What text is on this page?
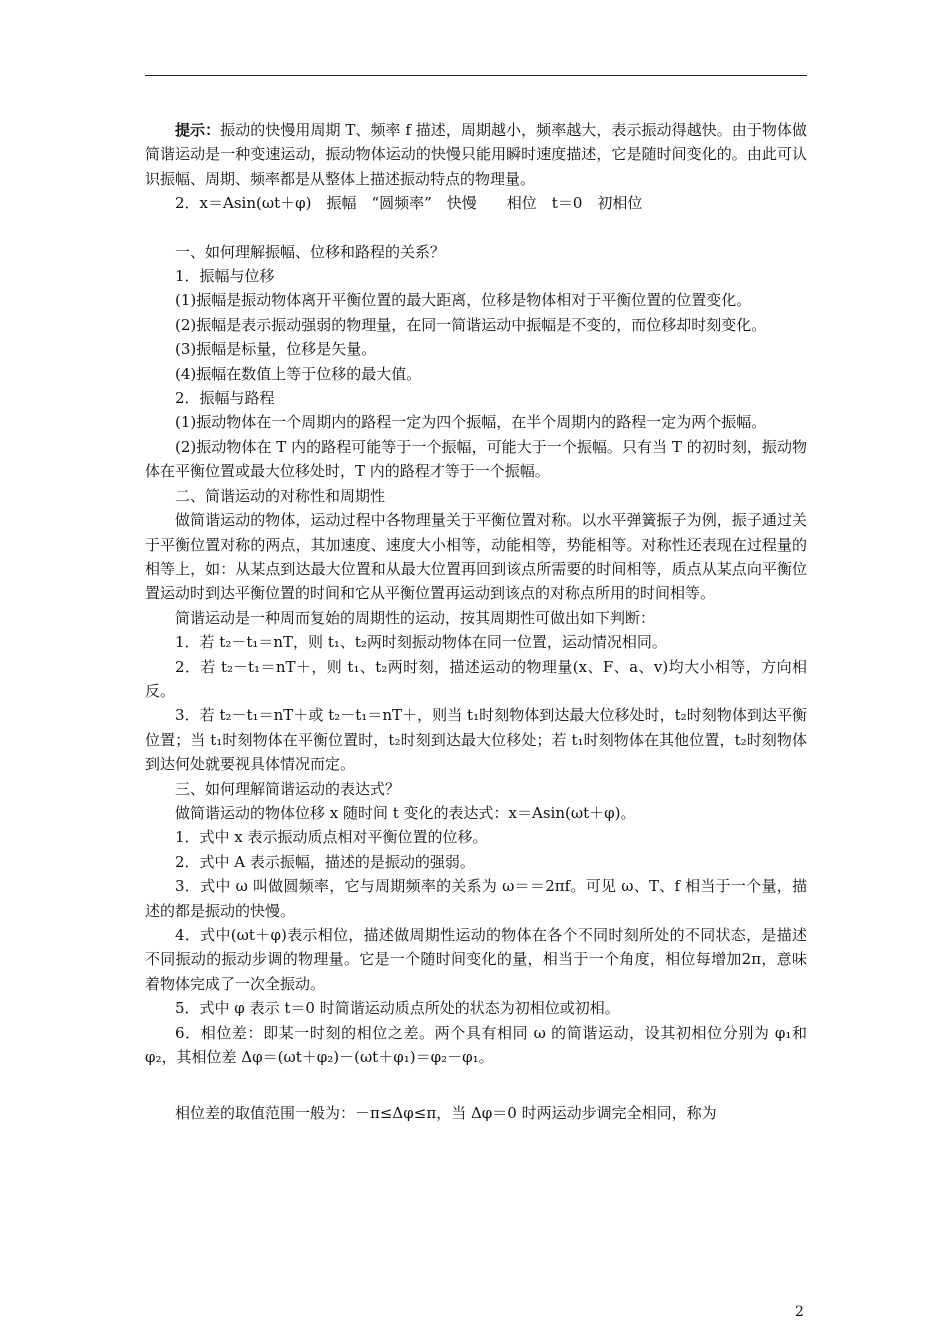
提示：振动的快慢用周期 T、频率 f 描述，周期越小，频率越大，表示振动得越快。由于物体做简谐运动是一种变速运动，振动物体运动的快慢只能用瞬时速度描述，它是随时间变化的。由此可认识振幅、周期、频率都是从整体上描述振动特点的物理量。

2．x＝Asin(ωt＋φ)　振幅　“圆频率”　快慢　　相位　t＝0　初相位

一、如何理解振幅、位移和路程的关系？

1．振幅与位移

(1)振幅是振动物体离开平衡位置的最大距离，位移是物体相对于平衡位置的位置变化。

(2)振幅是表示振动强弱的物理量，在同一简谐运动中振幅是不变的，而位移却时刻变化。

(3)振幅是标量，位移是矢量。

(4)振幅在数值上等于位移的最大值。

2．振幅与路程

(1)振动物体在一个周期内的路程一定为四个振幅，在半个周期内的路程一定为两个振幅。

(2)振动物体在 T 内的路程可能等于一个振幅，可能大于一个振幅。只有当 T 的初时刻，振动物体在平衡位置或最大位移处时，T 内的路程才等于一个振幅。

二、简谐运动的对称性和周期性

做简谐运动的物体，运动过程中各物理量关于平衡位置对称。以水平弹簧振子为例，振子通过关于平衡位置对称的两点，其加速度、速度大小相等，动能相等，势能相等。对称性还表现在过程量的相等上，如：从某点到达最大位置和从最大位置再回到该点所需要的时间相等，质点从某点向平衡位置运动时到达平衡位置的时间和它从平衡位置再运动到该点的对称点所用的时间相等。

简谐运动是一种周而复始的周期性的运动，按其周期性可做出如下判断：

1．若 t₂－t₁＝nT，则 t₁、t₂两时刻振动物体在同一位置，运动情况相同。

2．若 t₂－t₁＝nT＋，则 t₁、t₂两时刻，描述运动的物理量(x、F、a、v)均大小相等，方向相反。

3．若 t₂－t₁＝nT＋或 t₂－t₁＝nT＋，则当 t₁时刻物体到达最大位移处时，t₂时刻物体到达平衡位置；当 t₁时刻物体在平衡位置时，t₂时刻到达最大位移处；若 t₁时刻物体在其他位置，t₂时刻物体到达何处就要视具体情况而定。

三、如何理解简谐运动的表达式？

做简谐运动的物体位移 x 随时间 t 变化的表达式：x＝Asin(ωt＋φ)。

1．式中 x 表示振动质点相对平衡位置的位移。

2．式中 A 表示振幅，描述的是振动的强弱。

3．式中 ω 叫做圆频率，它与周期频率的关系为 ω＝＝2πf。可见 ω、T、f 相当于一个量，描述的都是振动的快慢。

4．式中(ωt＋φ)表示相位，描述做周期性运动的物体在各个不同时刻所处的不同状态，是描述不同振动的振动步调的物理量。它是一个随时间变化的量，相当于一个角度，相位每增加2π，意味着物体完成了一次全振动。

5．式中 φ 表示 t＝0 时简谐运动质点所处的状态为初相位或初相。

6．相位差：即某一时刻的相位之差。两个具有相同 ω 的简谐运动，设其初相位分别为 φ₁和 φ₂，其相位差 Δφ＝(ωt＋φ₂)－(ωt＋φ₁)＝φ₂－φ₁。

相位差的取值范围一般为：－π≤Δφ≤π，当 Δφ＝0 时两运动步调完全相同，称为

2
